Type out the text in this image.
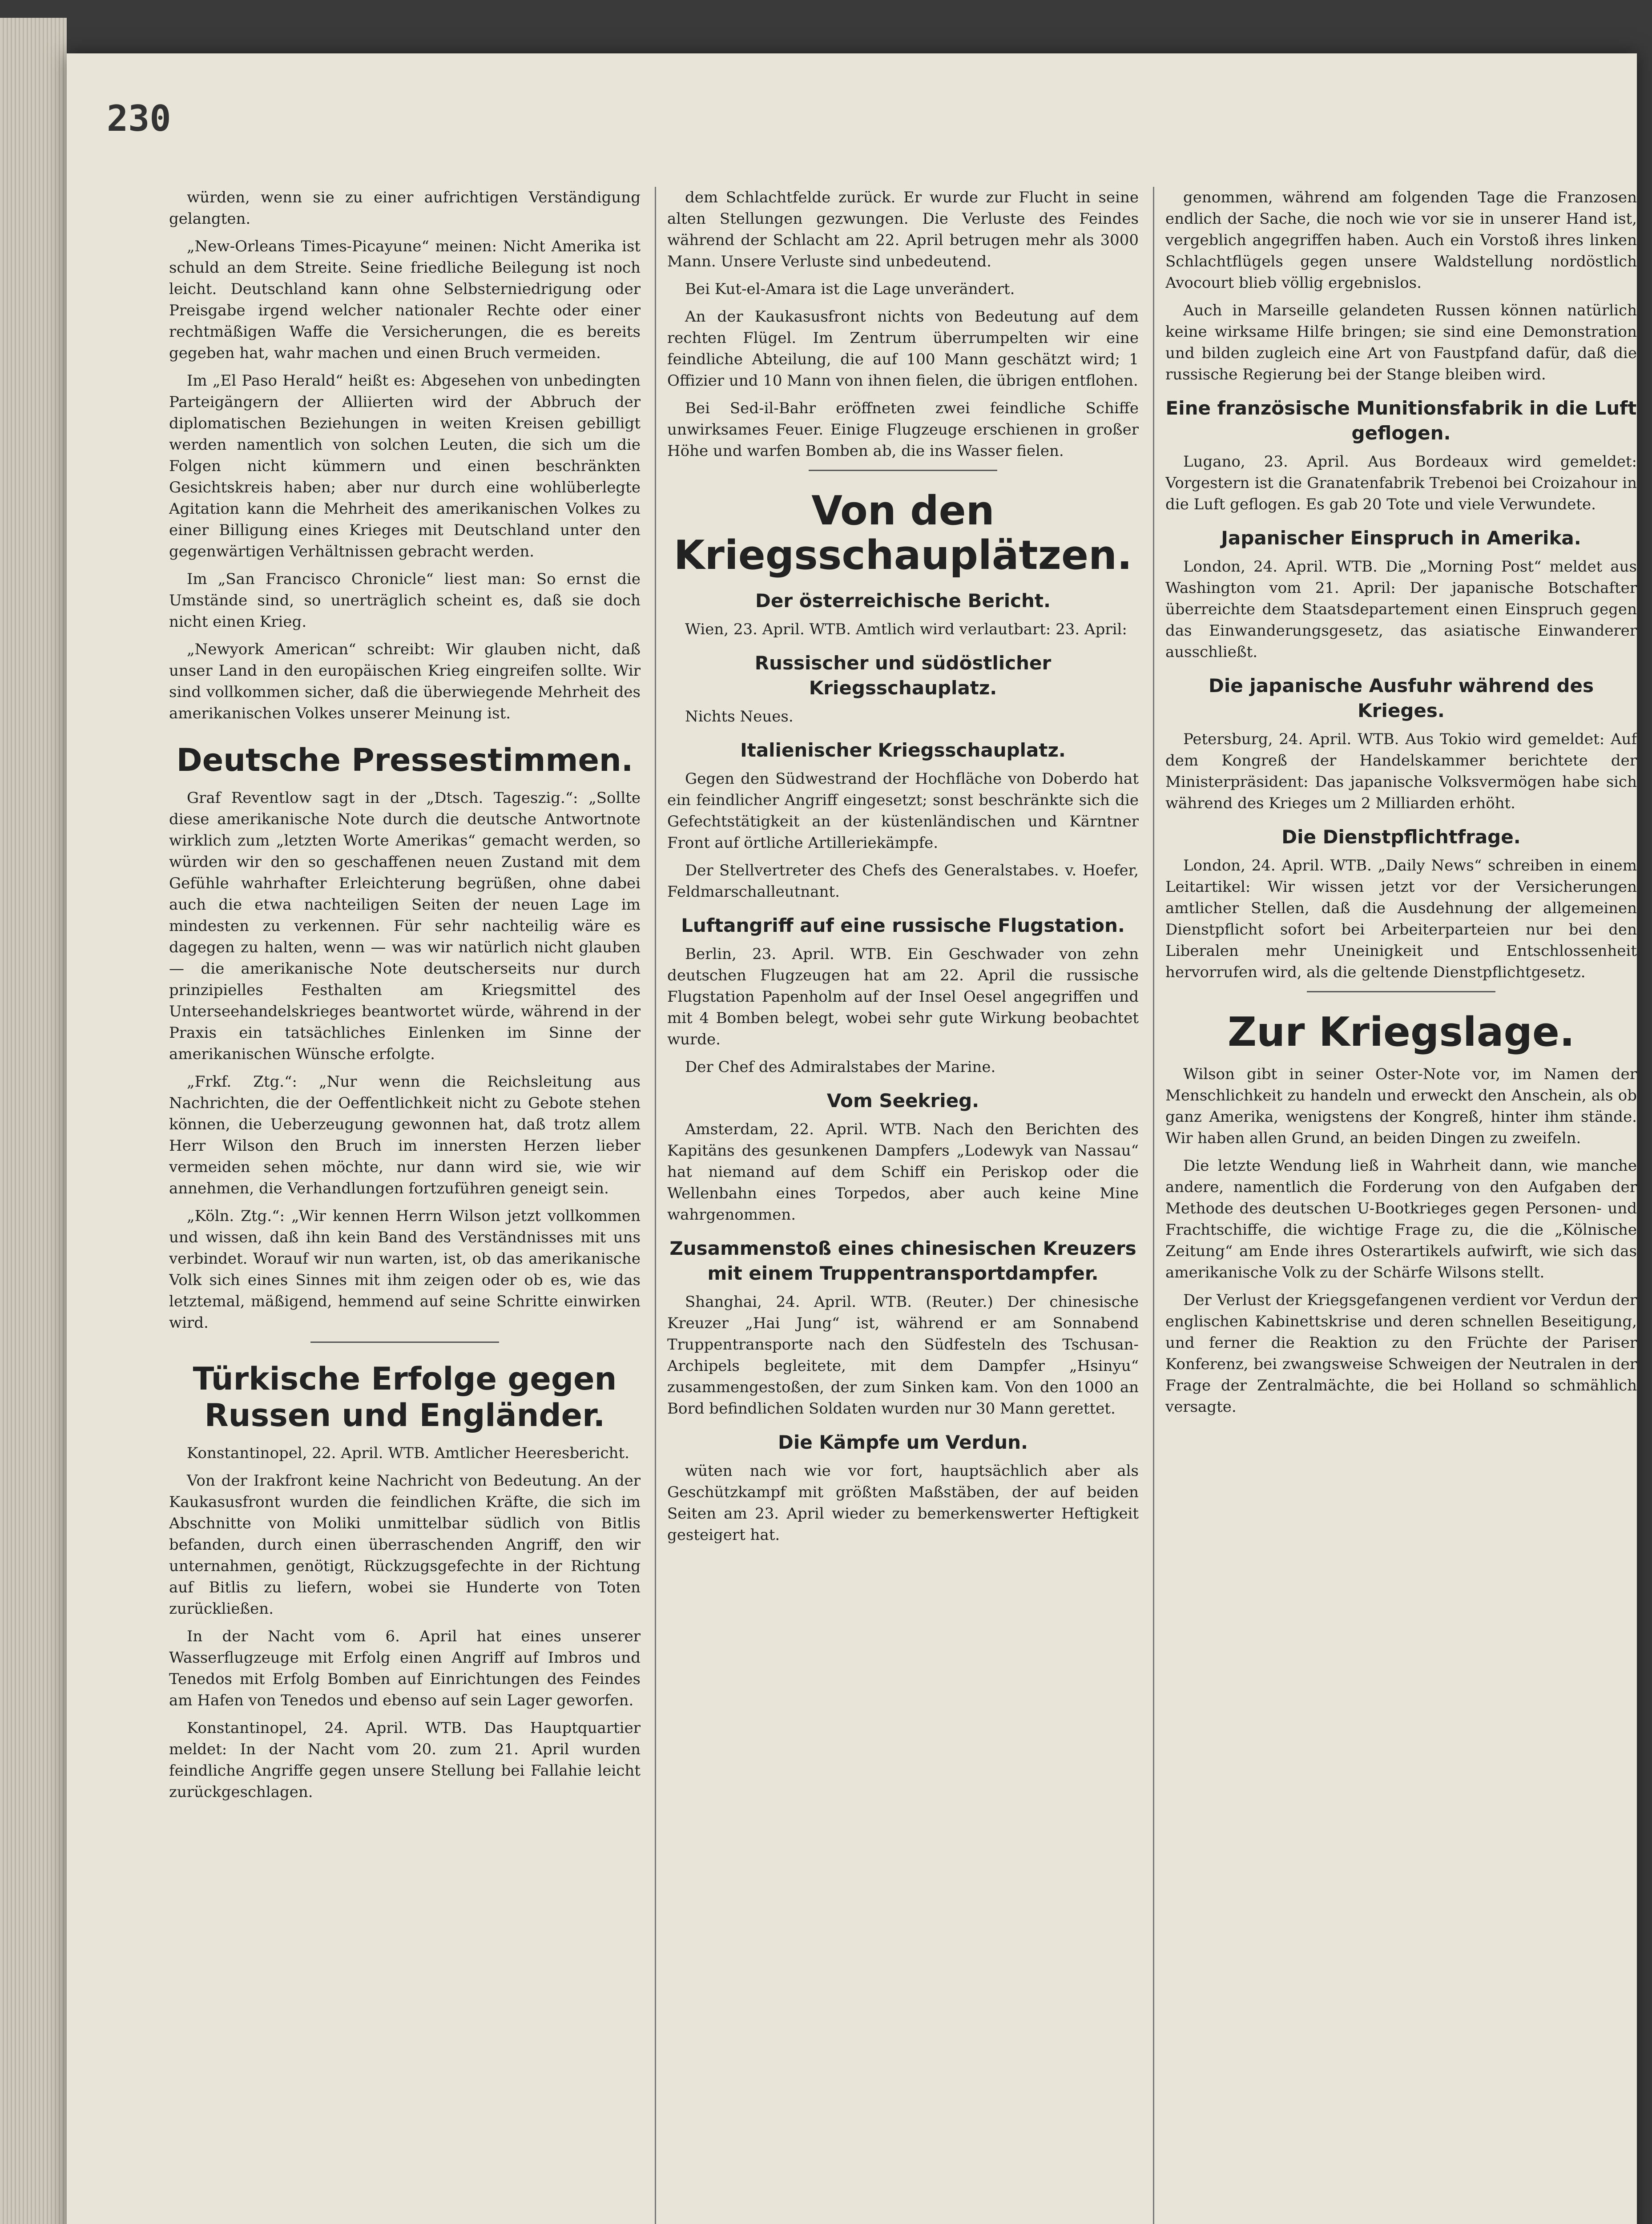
230

würden, wenn sie zu einer aufrichtigen Verständigung gelangten.

„New-Orleans Times-Picayune“ meinen: Nicht Amerika ist schuld an dem Streite. Seine friedliche Beilegung ist noch leicht. Deutschland kann ohne Selbsterniedrigung oder Preisgabe irgend welcher nationaler Rechte oder einer rechtmäßigen Waffe die Versicherungen, die es bereits gegeben hat, wahr machen und einen Bruch vermeiden.

Im „El Paso Herald“ heißt es: Abgesehen von unbedingten Parteigängern der Alliierten wird der Abbruch der diplomatischen Beziehungen in weiten Kreisen gebilligt werden namentlich von solchen Leuten, die sich um die Folgen nicht kümmern und einen beschränkten Gesichtskreis haben; aber nur durch eine wohlüberlegte Agitation kann die Mehrheit des amerikanischen Volkes zu einer Billigung eines Krieges mit Deutschland unter den gegenwärtigen Verhältnissen gebracht werden.

Im „San Francisco Chronicle“ liest man: So ernst die Umstände sind, so unerträglich scheint es, daß sie doch nicht einen Krieg.

„Newyork American“ schreibt: Wir glauben nicht, daß unser Land in den europäischen Krieg eingreifen sollte. Wir sind vollkommen sicher, daß die überwiegende Mehrheit des amerikanischen Volkes unserer Meinung ist.

Deutsche Pressestimmen.

Graf Reventlow sagt in der „Dtsch. Tageszig.“: „Sollte diese amerikanische Note durch die deutsche Antwortnote wirklich zum „letzten Worte Amerikas“ gemacht werden, so würden wir den so geschaffenen neuen Zustand mit dem Gefühle wahrhafter Erleichterung begrüßen, ohne dabei auch die etwa nachteiligen Seiten der neuen Lage im mindesten zu verkennen. Für sehr nachteilig wäre es dagegen zu halten, wenn — was wir natürlich nicht glauben — die amerikanische Note deutscherseits nur durch prinzipielles Festhalten am Kriegsmittel des Unterseehandelskrieges beantwortet würde, während in der Praxis ein tatsächliches Einlenken im Sinne der amerikanischen Wünsche erfolgte.

„Frkf. Ztg.“: „Nur wenn die Reichsleitung aus Nachrichten, die der Oeffentlichkeit nicht zu Gebote stehen können, die Ueberzeugung gewonnen hat, daß trotz allem Herr Wilson den Bruch im innersten Herzen lieber vermeiden sehen möchte, nur dann wird sie, wie wir annehmen, die Verhandlungen fortzuführen geneigt sein.

„Köln. Ztg.“: „Wir kennen Herrn Wilson jetzt vollkommen und wissen, daß ihn kein Band des Verständnisses mit uns verbindet. Worauf wir nun warten, ist, ob das amerikanische Volk sich eines Sinnes mit ihm zeigen oder ob es, wie das letztemal, mäßigend, hemmend auf seine Schritte einwirken wird.

Türkische Erfolge gegen Russen und Engländer.

Konstantinopel, 22. April. WTB. Amtlicher Heeresbericht.

Von der Irakfront keine Nachricht von Bedeutung. An der Kaukasusfront wurden die feindlichen Kräfte, die sich im Abschnitte von Moliki unmittelbar südlich von Bitlis befanden, durch einen überraschenden Angriff, den wir unternahmen, genötigt, Rückzugsgefechte in der Richtung auf Bitlis zu liefern, wobei sie Hunderte von Toten zurückließen.

In der Nacht vom 6. April hat eines unserer Wasserflugzeuge mit Erfolg einen Angriff auf Imbros und Tenedos mit Erfolg Bomben auf Einrichtungen des Feindes am Hafen von Tenedos und ebenso auf sein Lager geworfen.

Konstantinopel, 24. April. WTB. Das Hauptquartier meldet: In der Nacht vom 20. zum 21. April wurden feindliche Angriffe gegen unsere Stellung bei Fallahie leicht zurückgeschlagen.

dem Schlachtfelde zurück. Er wurde zur Flucht in seine alten Stellungen gezwungen. Die Verluste des Feindes während der Schlacht am 22. April betrugen mehr als 3000 Mann. Unsere Verluste sind unbedeutend.

Bei Kut-el-Amara ist die Lage unverändert.

An der Kaukasusfront nichts von Bedeutung auf dem rechten Flügel. Im Zentrum überrumpelten wir eine feindliche Abteilung, die auf 100 Mann geschätzt wird; 1 Offizier und 10 Mann von ihnen fielen, die übrigen entflohen.

Bei Sed-il-Bahr eröffneten zwei feindliche Schiffe unwirksames Feuer. Einige Flugzeuge erschienen in großer Höhe und warfen Bomben ab, die ins Wasser fielen.

Von den Kriegsschauplätzen.
Der österreichische Bericht.

Wien, 23. April. WTB. Amtlich wird verlautbart: 23. April:

Russischer und südöstlicher Kriegsschauplatz.

Nichts Neues.

Italienischer Kriegsschauplatz.

Gegen den Südwestrand der Hochfläche von Doberdo hat ein feindlicher Angriff eingesetzt; sonst beschränkte sich die Gefechtstätigkeit an der küstenländischen und Kärntner Front auf örtliche Artilleriekämpfe.

Der Stellvertreter des Chefs des Generalstabes. v. Hoefer, Feldmarschalleutnant.

Luftangriff auf eine russische Flugstation.

Berlin, 23. April. WTB. Ein Geschwader von zehn deutschen Flugzeugen hat am 22. April die russische Flugstation Papenholm auf der Insel Oesel angegriffen und mit 4 Bomben belegt, wobei sehr gute Wirkung beobachtet wurde.

Der Chef des Admiralstabes der Marine.

Vom Seekrieg.

Amsterdam, 22. April. WTB. Nach den Berichten des Kapitäns des gesunkenen Dampfers „Lodewyk van Nassau“ hat niemand auf dem Schiff ein Periskop oder die Wellenbahn eines Torpedos, aber auch keine Mine wahrgenommen.

Zusammenstoß eines chinesischen Kreuzers mit einem Truppentransportdampfer.

Shanghai, 24. April. WTB. (Reuter.) Der chinesische Kreuzer „Hai Jung“ ist, während er am Sonnabend Truppentransporte nach den Südfesteln des Tschusan-Archipels begleitete, mit dem Dampfer „Hsinyu“ zusammengestoßen, der zum Sinken kam. Von den 1000 an Bord befindlichen Soldaten wurden nur 30 Mann gerettet.

Die Kämpfe um Verdun.

wüten nach wie vor fort, hauptsächlich aber als Geschützkampf mit größten Maßstäben, der auf beiden Seiten am 23. April wieder zu bemerkenswerter Heftigkeit gesteigert hat.

genommen, während am folgenden Tage die Franzosen endlich der Sache, die noch wie vor sie in unserer Hand ist, vergeblich angegriffen haben. Auch ein Vorstoß ihres linken Schlachtflügels gegen unsere Waldstellung nordöstlich Avocourt blieb völlig ergebnislos.

Auch in Marseille gelandeten Russen können natürlich keine wirksame Hilfe bringen; sie sind eine Demonstration und bilden zugleich eine Art von Faustpfand dafür, daß die russische Regierung bei der Stange bleiben wird.

Eine französische Munitionsfabrik in die Luft geflogen.

Lugano, 23. April. Aus Bordeaux wird gemeldet: Vorgestern ist die Granatenfabrik Trebenoi bei Croizahour in die Luft geflogen. Es gab 20 Tote und viele Verwundete.

Japanischer Einspruch in Amerika.

London, 24. April. WTB. Die „Morning Post“ meldet aus Washington vom 21. April: Der japanische Botschafter überreichte dem Staatsdepartement einen Einspruch gegen das Einwanderungsgesetz, das asiatische Einwanderer ausschließt.

Die japanische Ausfuhr während des Krieges.

Petersburg, 24. April. WTB. Aus Tokio wird gemeldet: Auf dem Kongreß der Handelskammer berichtete der Ministerpräsident: Das japanische Volksvermögen habe sich während des Krieges um 2 Milliarden erhöht.

Die Dienstpflichtfrage.

London, 24. April. WTB. „Daily News“ schreiben in einem Leitartikel: Wir wissen jetzt vor der Versicherungen amtlicher Stellen, daß die Ausdehnung der allgemeinen Dienstpflicht sofort bei Arbeiterparteien nur bei den Liberalen mehr Uneinigkeit und Entschlossenheit hervorrufen wird, als die geltende Dienstpflichtgesetz.

Zur Kriegslage.

Wilson gibt in seiner Oster-Note vor, im Namen der Menschlichkeit zu handeln und erweckt den Anschein, als ob ganz Amerika, wenigstens der Kongreß, hinter ihm stände. Wir haben allen Grund, an beiden Dingen zu zweifeln.

Die letzte Wendung ließ in Wahrheit dann, wie manche andere, namentlich die Forderung von den Aufgaben der Methode des deutschen U-Bootkrieges gegen Personen- und Frachtschiffe, die wichtige Frage zu, die die „Kölnische Zeitung“ am Ende ihres Osterartikels aufwirft, wie sich das amerikanische Volk zu der Schärfe Wilsons stellt.

Der Verlust der Kriegsgefangenen verdient vor Verdun der englischen Kabinettskrise und deren schnellen Beseitigung, und ferner die Reaktion zu den Früchte der Pariser Konferenz, bei zwangsweise Schweigen der Neutralen in der Frage der Zentralmächte, die bei Holland so schmählich versagte.
